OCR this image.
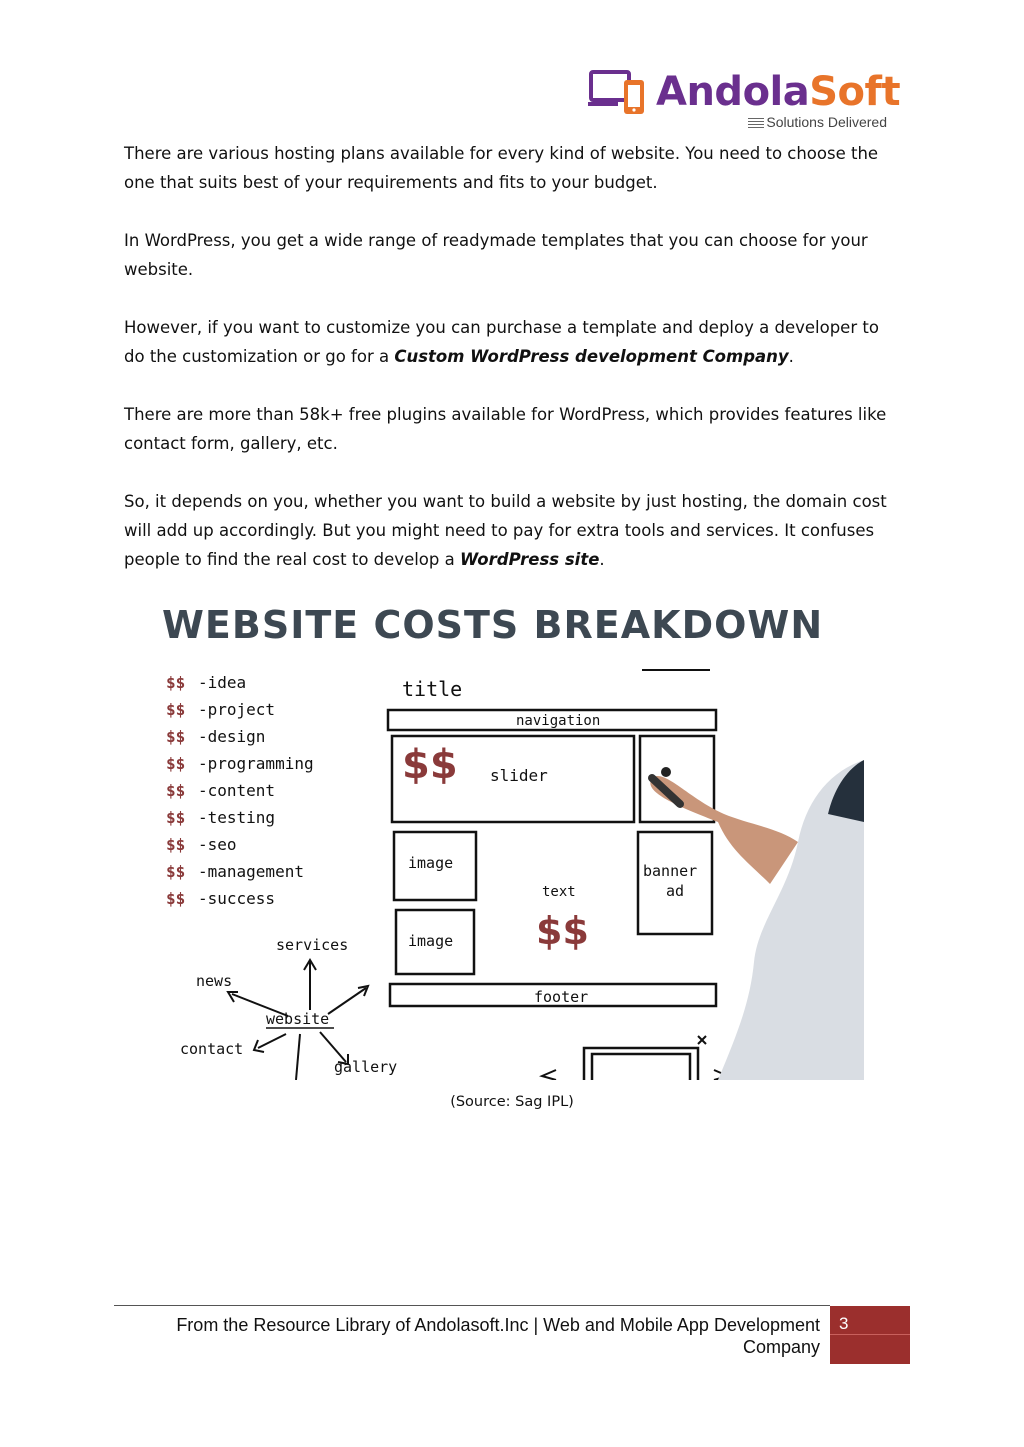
AndolaSoft
Solutions Delivered

There are various hosting plans available for every kind of website. You need to choose the one that suits best of your requirements and fits to your budget.

In WordPress, you get a wide range of readymade templates that you can choose for your website.

However, if you want to customize you can purchase a template and deploy a developer to do the customization or go for a Custom WordPress development Company.

There are more than 58k+ free plugins available for WordPress, which provides features like contact form, gallery, etc.

So, it depends on you, whether you want to build a website by just hosting, the domain cost will add up accordingly. But you might need to pay for extra tools and services. It confuses people to find the real cost to develop a WordPress site.

WEBSITE COSTS BREAKDOWN
$$ -idea
$$ -project
$$ -design
$$ -programming
$$ -content
$$ -testing
$$ -seo
$$ -management
$$ -success
title
navigation
slider
image
image
text
banner
ad
footer
$$
$$
services
news
website
contact
gallery
(Source: Sag IPL)
From the Resource Library of Andolasoft.Inc | Web and Mobile App Development Company
3
